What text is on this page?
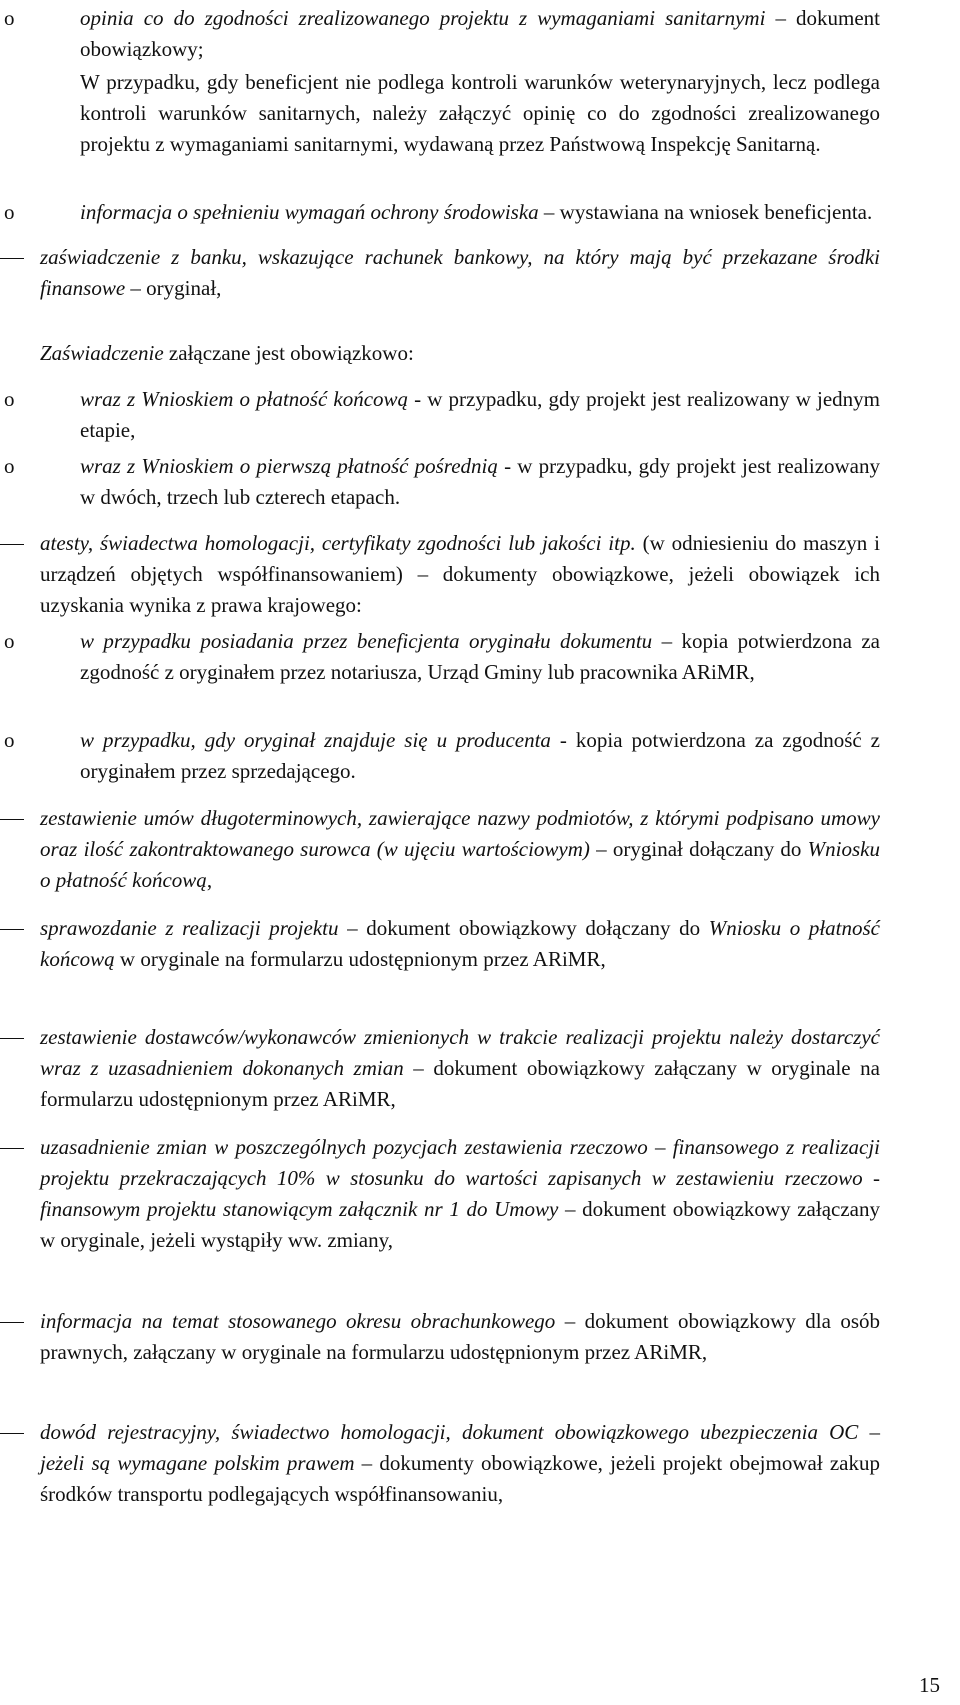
o	opinia co do zgodności zrealizowanego projektu z wymaganiami sanitarnymi – dokument obowiązkowy;

W przypadku, gdy beneficjent nie podlega kontroli warunków weterynaryjnych, lecz podlega kontroli warunków sanitarnych, należy załączyć opinię co do zgodności zrealizowanego projektu z wymaganiami sanitarnymi, wydawaną przez Państwową Inspekcję Sanitarną.

o	informacja o spełnieniu wymagań ochrony środowiska – wystawiana na wniosek beneficjenta.

zaświadczenie z banku, wskazujące rachunek bankowy, na który mają być przekazane środki finansowe – oryginał,

Zaświadczenie załączane jest obowiązkowo:

o	wraz z Wnioskiem o płatność końcową - w przypadku, gdy projekt jest realizowany w jednym etapie,

o	wraz z Wnioskiem o pierwszą płatność pośrednią - w przypadku, gdy projekt jest realizowany w dwóch, trzech lub czterech etapach.

atesty, świadectwa homologacji, certyfikaty zgodności lub jakości itp. (w odniesieniu do maszyn i urządzeń objętych współfinansowaniem) – dokumenty obowiązkowe, jeżeli obowiązek ich uzyskania wynika z prawa krajowego:

o	w przypadku posiadania przez beneficjenta oryginału dokumentu – kopia potwierdzona za zgodność z oryginałem przez notariusza, Urząd Gminy lub pracownika ARiMR,

o	w przypadku, gdy oryginał znajduje się u producenta - kopia potwierdzona za zgodność z oryginałem przez sprzedającego.

zestawienie umów długoterminowych, zawierające nazwy podmiotów, z którymi podpisano umowy oraz ilość zakontraktowanego surowca (w ujęciu wartościowym) – oryginał dołączany do Wniosku o płatność końcową,

sprawozdanie z realizacji projektu – dokument obowiązkowy dołączany do Wniosku o płatność końcową w oryginale na formularzu udostępnionym przez ARiMR,

zestawienie dostawców/wykonawców zmienionych w trakcie realizacji projektu należy dostarczyć wraz z uzasadnieniem dokonanych zmian – dokument obowiązkowy załączany w oryginale na formularzu udostępnionym przez ARiMR,

uzasadnienie zmian w poszczególnych pozycjach zestawienia rzeczowo – finansowego z realizacji projektu przekraczających 10% w stosunku do wartości zapisanych w zestawieniu rzeczowo - finansowym projektu stanowiącym załącznik nr 1 do Umowy – dokument obowiązkowy załączany w oryginale, jeżeli wystąpiły ww. zmiany,

informacja na temat stosowanego okresu obrachunkowego – dokument obowiązkowy dla osób prawnych, załączany w oryginale na formularzu udostępnionym przez ARiMR,

dowód rejestracyjny, świadectwo homologacji, dokument obowiązkowego ubezpieczenia OC – jeżeli są wymagane polskim prawem – dokumenty obowiązkowe, jeżeli projekt obejmował zakup środków transportu podlegających współfinansowaniu,

15
